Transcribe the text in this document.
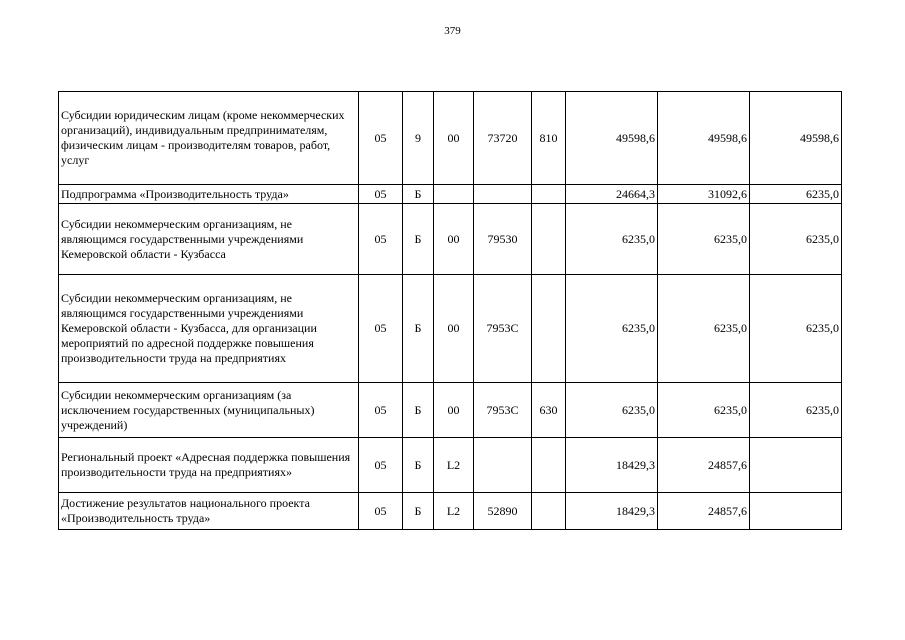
379
Субсидии юридическим лицам (кроме некоммерческих организаций), индивидуальным предпринимателям, физическим лицам - производителям товаров, работ, услуг	05	9	00	73720	810	49598,6	49598,6	49598,6
Подпрограмма «Производительность труда»	05	Б				24664,3	31092,6	6235,0
Субсидии некоммерческим организациям, не являющимся государственными учреждениями Кемеровской области - Кузбасса	05	Б	00	79530		6235,0	6235,0	6235,0
Субсидии некоммерческим организациям, не являющимся государственными учреждениями Кемеровской области - Кузбасса, для организации мероприятий по адресной поддержке повышения производительности труда на предприятиях	05	Б	00	7953С		6235,0	6235,0	6235,0
Субсидии некоммерческим организациям (за исключением государственных (муниципальных) учреждений)	05	Б	00	7953С	630	6235,0	6235,0	6235,0
Региональный проект «Адресная поддержка повышения производительности труда на предприятиях»	05	Б	L2			18429,3	24857,6	
Достижение результатов национального проекта «Производительность труда»	05	Б	L2	52890		18429,3	24857,6	
